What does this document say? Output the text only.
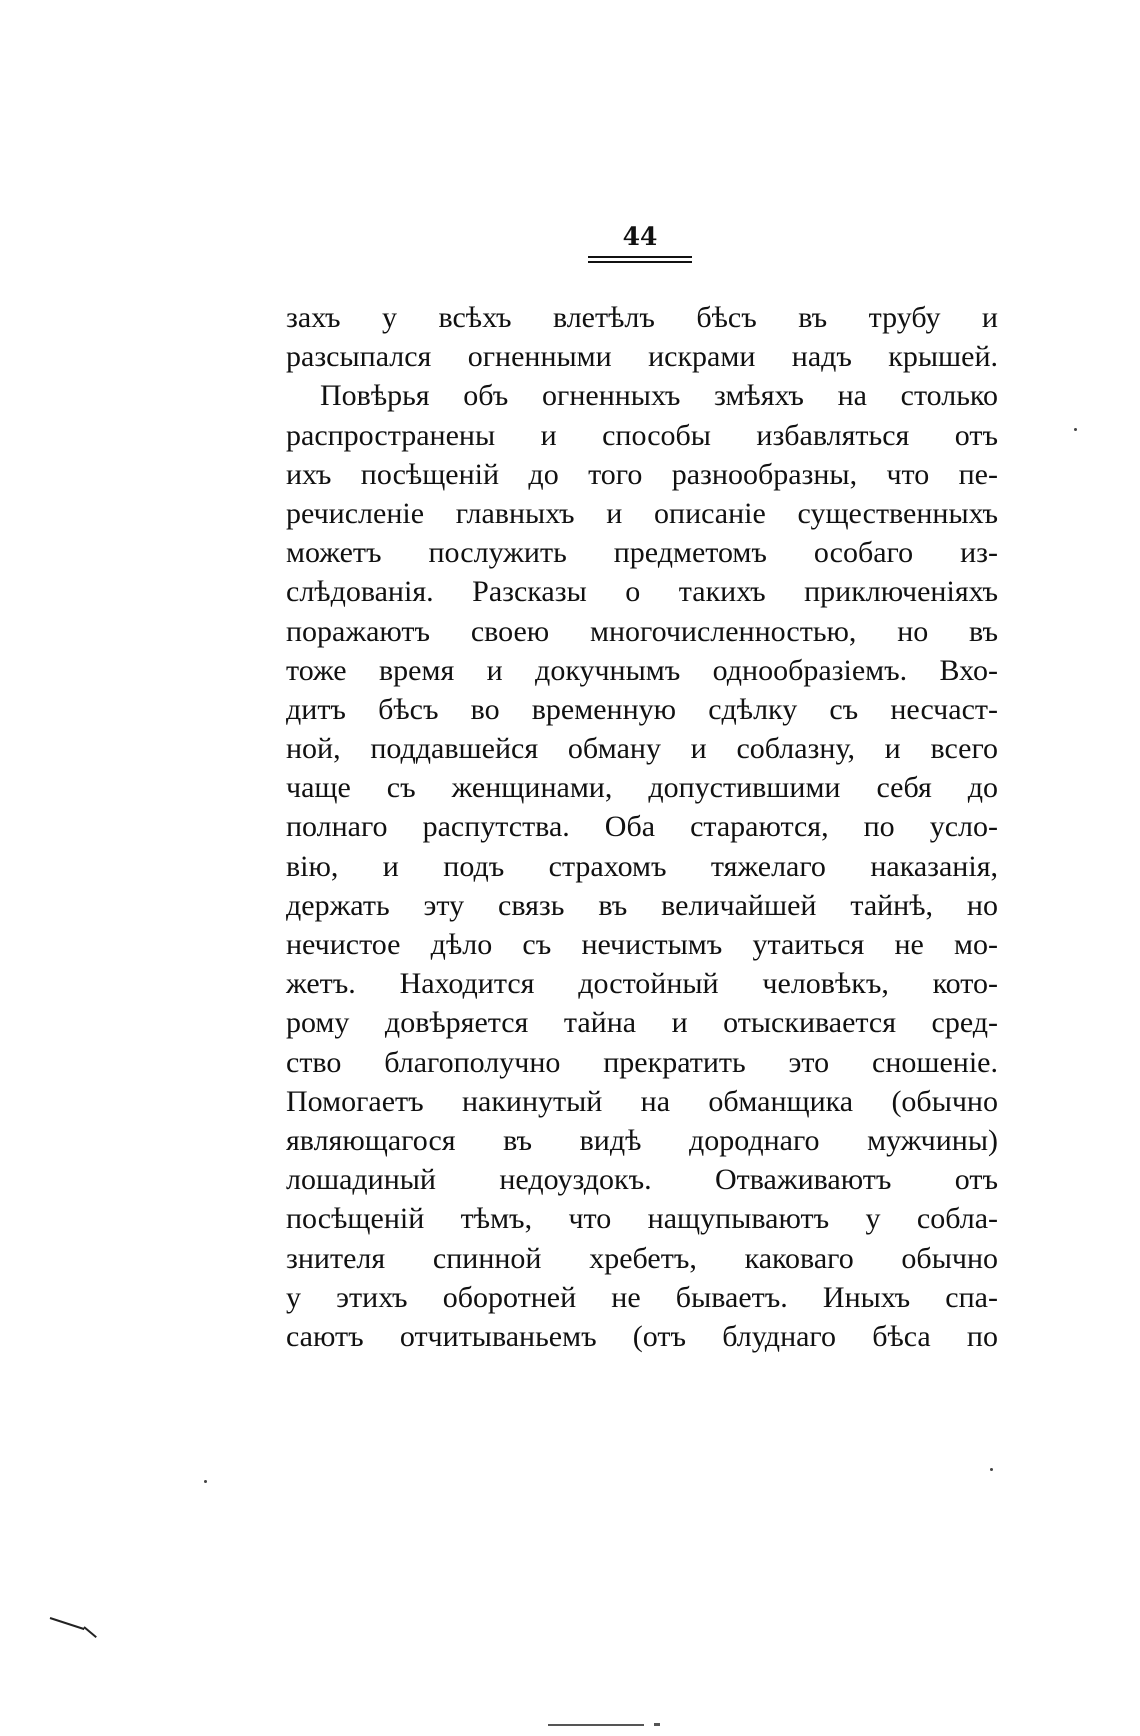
44
захъ у всѣхъ влетѣлъ бѣсъ въ трубу и
разсыпался огненными искрами надъ крышей.
Повѣрья объ огненныхъ змѣяхъ на столько
распространены и способы избавляться отъ
ихъ посѣщеній до того разнообразны, что пе-
речисленіе главныхъ и описаніе существенныхъ
можетъ послужить предметомъ особаго из-
слѣдованія. Разсказы о такихъ приключеніяхъ
поражаютъ своею многочисленностью, но въ
тоже время и докучнымъ однообразіемъ. Вхо-
дитъ бѣсъ во временную сдѣлку съ несчаст-
ной, поддавшейся обману и соблазну, и всего
чаще съ женщинами, допустившими себя до
полнаго распутства. Оба стараются, по усло-
вію, и подъ страхомъ тяжелаго наказанія,
держать эту связь въ величайшей тайнѣ, но
нечистое дѣло съ нечистымъ утаиться не мо-
жетъ. Находится достойный человѣкъ, кото-
рому довѣряется тайна и отыскивается сред-
ство благополучно прекратить это сношеніе.
Помогаетъ накинутый на обманщика (обычно
являющагося въ видѣ дороднаго мужчины)
лошадиный недоуздокъ. Отваживаютъ отъ
посѣщеній тѣмъ, что нащупываютъ у собла-
знителя спинной хребетъ, каковаго обычно
у этихъ оборотней не бываетъ. Иныхъ спа-
саютъ отчитываньемъ (отъ блуднаго бѣса по
